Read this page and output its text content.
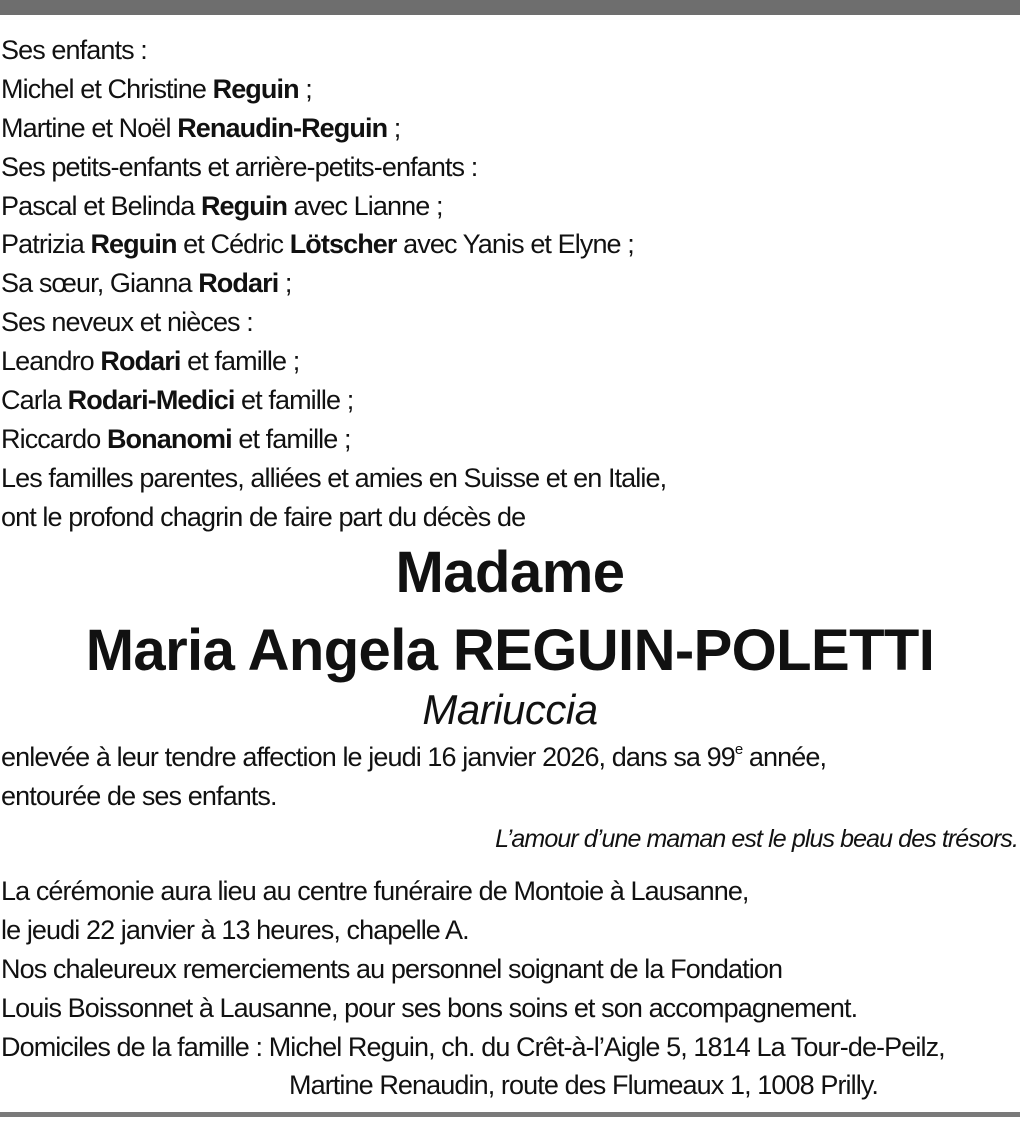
Ses enfants :
Michel et Christine Reguin ;
Martine et Noël Renaudin-Reguin ;
Ses petits-enfants et arrière-petits-enfants :
Pascal et Belinda Reguin avec Lianne ;
Patrizia Reguin et Cédric Lötscher avec Yanis et Elyne ;
Sa sœur, Gianna Rodari ;
Ses neveux et nièces :
Leandro Rodari et famille ;
Carla Rodari-Medici et famille ;
Riccardo Bonanomi et famille ;
Les familles parentes, alliées et amies en Suisse et en Italie,
ont le profond chagrin de faire part du décès de
Madame
Maria Angela REGUIN-POLETTI
Mariuccia
enlevée à leur tendre affection le jeudi 16 janvier 2026, dans sa 99e année,
entourée de ses enfants.
L’amour d’une maman est le plus beau des trésors.
La cérémonie aura lieu au centre funéraire de Montoie à Lausanne,
le jeudi 22 janvier à 13 heures, chapelle A.
Nos chaleureux remerciements au personnel soignant de la Fondation
Louis Boissonnet à Lausanne, pour ses bons soins et son accompagnement.
Domiciles de la famille : Michel Reguin, ch. du Crêt-à-l’Aigle 5, 1814 La Tour-de-Peilz,
Martine Renaudin, route des Flumeaux 1, 1008 Prilly.
